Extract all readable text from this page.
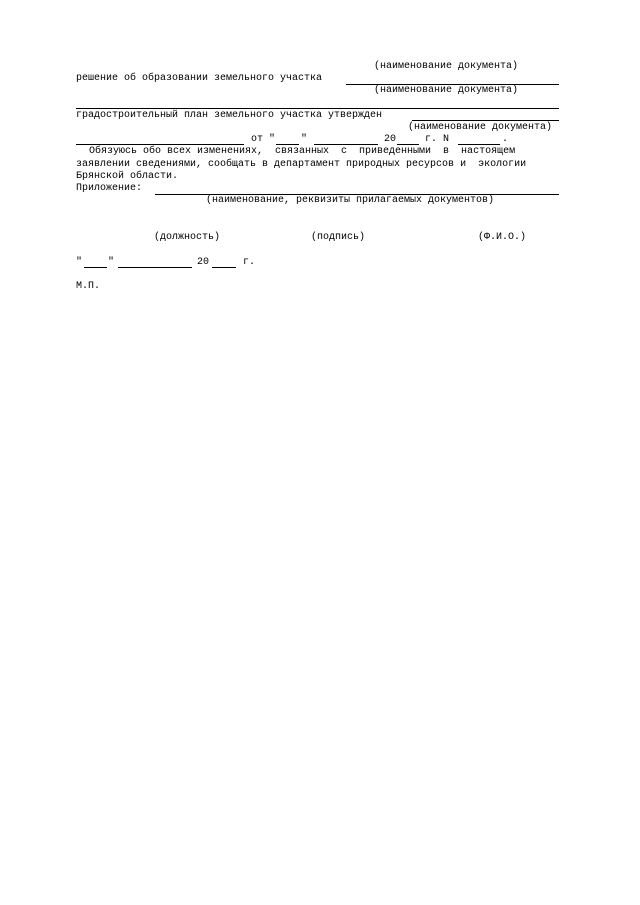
(наименование документа)
решение об образовании земельного участка
(наименование документа)
градостроительный план земельного участка утвержден
(наименование документа)
от "	"	20	г. N	.
Обязуюсь обо всех изменениях,  связанных  с  приведенными  в  настоящем
заявлении сведениями, сообщать в департамент природных ресурсов и  экологии
Брянской области.
Приложение:
(наименование, реквизиты прилагаемых документов)
(должность)	(подпись)	(Ф.И.О.)
"	"	20	г.
М.П.
